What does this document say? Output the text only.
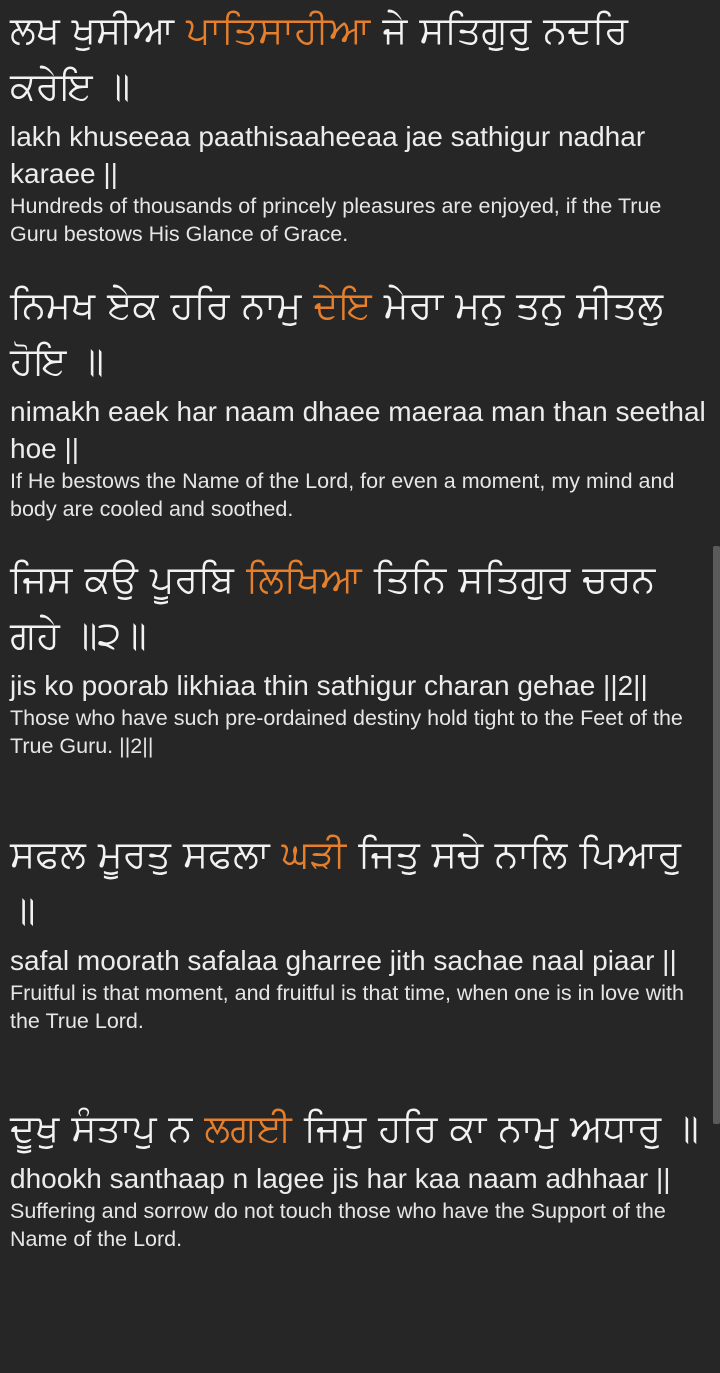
ਲਖ ਖੁਸੀਆ ਪਾਤਿਸਾਹੀਆ ਜੇ ਸਤਿਗੁਰੁ ਨਦਰਿ ਕਰੇਇ ॥

lakh khuseeaa paathisaaheeaa jae sathigur nadhar karaee ||

Hundreds of thousands of princely pleasures are enjoyed, if the True Guru bestows His Glance of Grace.

ਨਿਮਖ ਏਕ ਹਰਿ ਨਾਮੁ ਦੇਇ ਮੇਰਾ ਮਨੁ ਤਨੁ ਸੀਤਲੁ ਹੋਇ ॥

nimakh eaek har naam dhaee maeraa man than seethal hoe ||

If He bestows the Name of the Lord, for even a moment, my mind and body are cooled and soothed.

ਜਿਸ ਕਉ ਪੂਰਬਿ ਲਿਖਿਆ ਤਿਨਿ ਸਤਿਗੁਰ ਚਰਨ ਗਹੇ ॥੨॥

jis ko poorab likhiaa thin sathigur charan gehae ||2||

Those who have such pre-ordained destiny hold tight to the Feet of the True Guru. ||2||

ਸਫਲ ਮੂਰਤੁ ਸਫਲਾ ਘੜੀ ਜਿਤੁ ਸਚੇ ਨਾਲਿ ਪਿਆਰੁ ॥

safal moorath safalaa gharree jith sachae naal piaar ||

Fruitful is that moment, and fruitful is that time, when one is in love with the True Lord.

ਦੂਖੁ ਸੰਤਾਪੁ ਨ ਲਗਈ ਜਿਸੁ ਹਰਿ ਕਾ ਨਾਮੁ ਅਧਾਰੁ ॥

dhookh santhaap n lagee jis har kaa naam adhhaar ||

Suffering and sorrow do not touch those who have the Support of the Name of the Lord.
